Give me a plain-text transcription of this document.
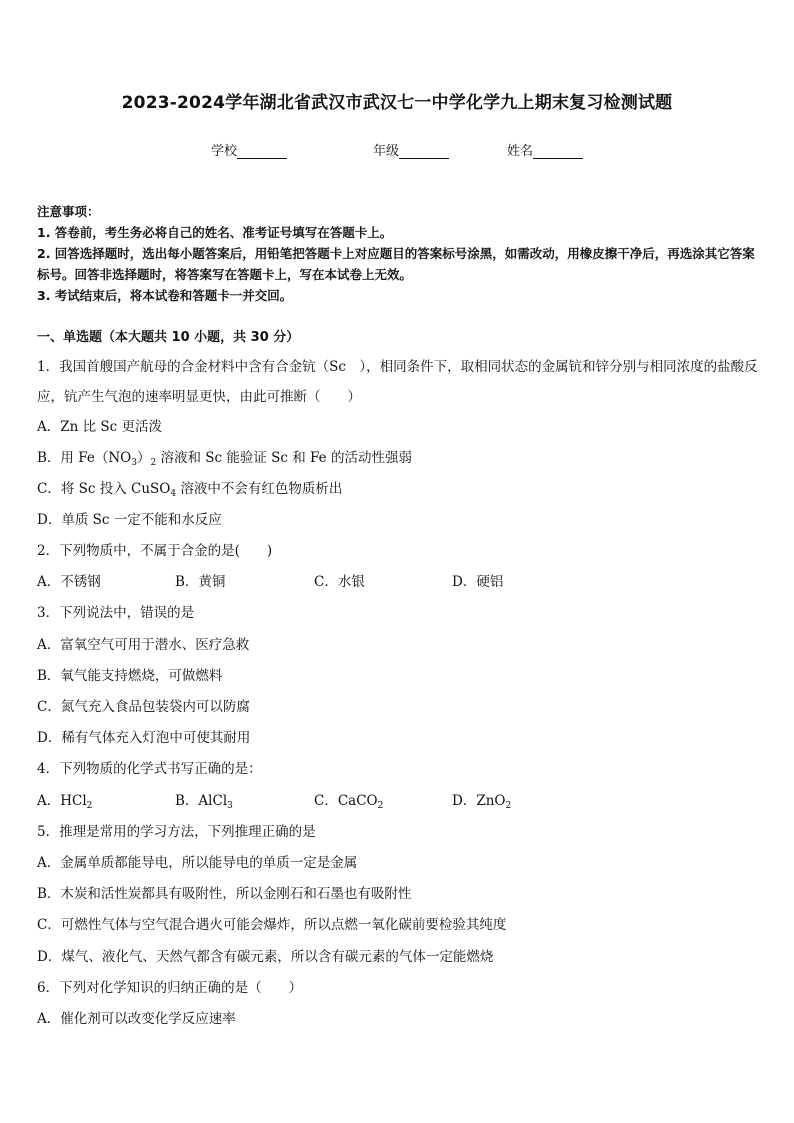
2023-2024学年湖北省武汉市武汉七一中学化学九上期末复习检测试题
学校	年级	姓名
注意事项：
1. 答卷前，考生务必将自己的姓名、准考证号填写在答题卡上。
2. 回答选择题时，选出每小题答案后，用铅笔把答题卡上对应题目的答案标号涂黑，如需改动，用橡皮擦干净后，再选涂其它答案标号。回答非选择题时，将答案写在答题卡上，写在本试卷上无效。
3. 考试结束后，将本试卷和答题卡一并交回。
一、单选题（本大题共 10 小题，共 30 分）
1．我国首艘国产航母的合金材料中含有合金钪（Sc　），相同条件下，取相同状态的金属钪和锌分别与相同浓度的盐酸反应，钪产生气泡的速率明显更快，由此可推断（　　）
A．Zn 比 Sc 更活泼
B．用 $Fe(NO_3)_2$ 溶液和 Sc 能验证 Sc 和 Fe 的活动性强弱
C．将 Sc 投入 CuSO$_4$ 溶液中不会有红色物质析出
D．单质 Sc 一定不能和水反应
2．下列物质中，不属于合金的是(　　)
A．不锈钢	B．黄铜	C．水银	D．硬铝
3．下列说法中，错误的是
A．富氧空气可用于潜水、医疗急救
B．氧气能支持燃烧，可做燃料
C．氮气充入食品包装袋内可以防腐
D．稀有气体充入灯泡中可使其耐用
4．下列物质的化学式书写正确的是：
A．HCl$_2$	B．AlCl$_3$	C．CaCO$_2$	D．ZnO$_2$
5．推理是常用的学习方法，下列推理正确的是
A．金属单质都能导电，所以能导电的单质一定是金属
B．木炭和活性炭都具有吸附性，所以金刚石和石墨也有吸附性
C．可燃性气体与空气混合遇火可能会爆炸，所以点燃一氧化碳前要检验其纯度
D．煤气、液化气、天然气都含有碳元素，所以含有碳元素的气体一定能燃烧
6．下列对化学知识的归纳正确的是（　　）
A．催化剂可以改变化学反应速率
